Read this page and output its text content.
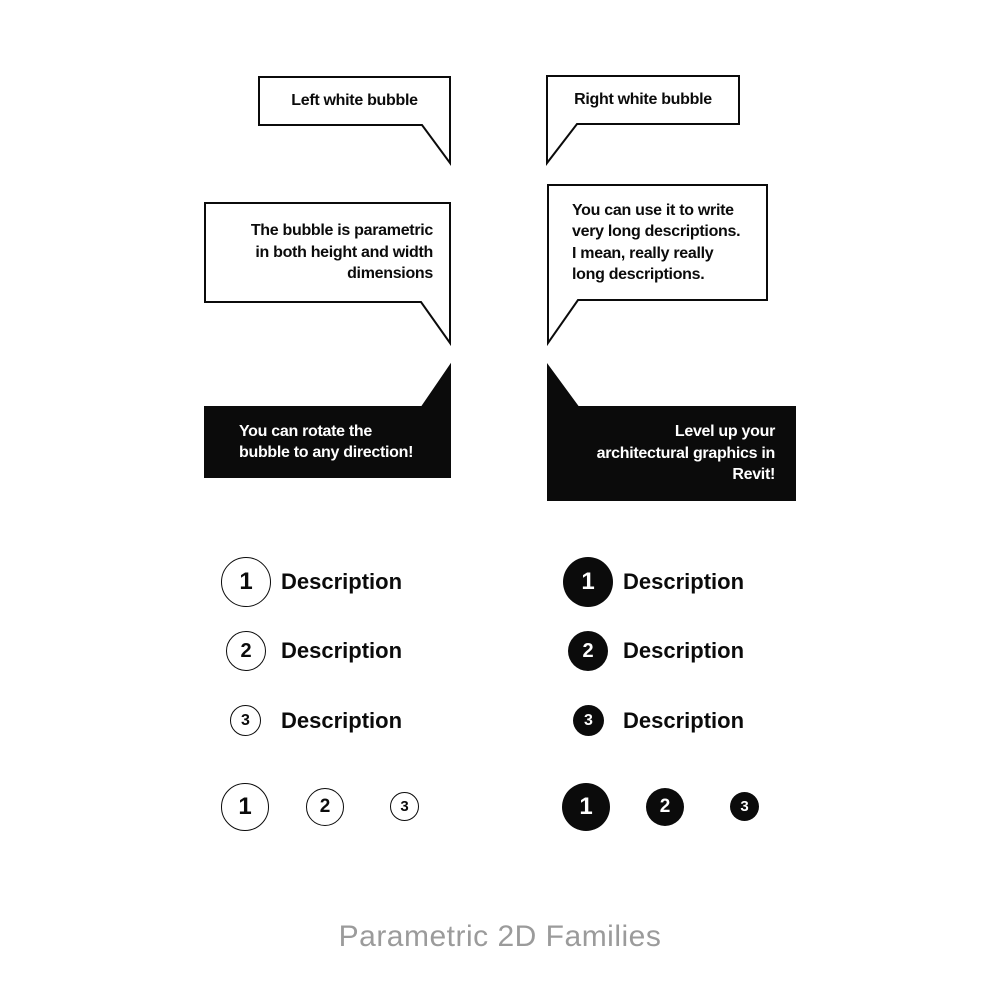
Left white bubble	Right white bubble
The bubble is parametric
in both height and width
dimensions
You can use it to write
very long descriptions.
I mean, really really
long descriptions.
You can rotate the
bubble to any direction!
Level up your
architectural graphics in
Revit!
1 Description
2 Description
3 Description
1 Description
2 Description
3 Description
1	2	3	1	2	3
Parametric 2D Families
